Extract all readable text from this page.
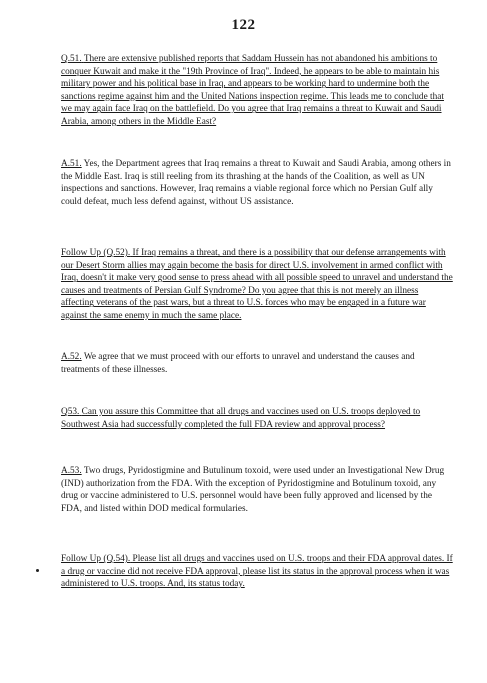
122
Q.51. There are extensive published reports that Saddam Hussein has not abandoned his ambitions to conquer Kuwait and make it the "19th Province of Iraq". Indeed, he appears to be able to maintain his military power and his political base in Iraq, and appears to be working hard to undermine both the sanctions regime against him and the United Nations inspection regime. This leads me to conclude that we may again face Iraq on the battlefield. Do you agree that Iraq remains a threat to Kuwait and Saudi Arabia, among others in the Middle East?
A.51. Yes, the Department agrees that Iraq remains a threat to Kuwait and Saudi Arabia, among others in the Middle East. Iraq is still reeling from its thrashing at the hands of the Coalition, as well as UN inspections and sanctions. However, Iraq remains a viable regional force which no Persian Gulf ally could defeat, much less defend against, without US assistance.
Follow Up (Q.52). If Iraq remains a threat, and there is a possibility that our defense arrangements with our Desert Storm allies may again become the basis for direct U.S. involvement in armed conflict with Iraq, doesn't it make very good sense to press ahead with all possible speed to unravel and understand the causes and treatments of Persian Gulf Syndrome? Do you agree that this is not merely an illness affecting veterans of the past wars, but a threat to U.S. forces who may be engaged in a future war against the same enemy in much the same place.
A.52. We agree that we must proceed with our efforts to unravel and understand the causes and treatments of these illnesses.
Q53. Can you assure this Committee that all drugs and vaccines used on U.S. troops deployed to Southwest Asia had successfully completed the full FDA review and approval process?
A.53. Two drugs, Pyridostigmine and Butulinum toxoid, were used under an Investigational New Drug (IND) authorization from the FDA. With the exception of Pyridostigmine and Botulinum toxoid, any drug or vaccine administered to U.S. personnel would have been fully approved and licensed by the FDA, and listed within DOD medical formularies.
Follow Up (Q.54). Please list all drugs and vaccines used on U.S. troops and their FDA approval dates. If a drug or vaccine did not receive FDA approval, please list its status in the approval process when it was administered to U.S. troops. And, its status today.
